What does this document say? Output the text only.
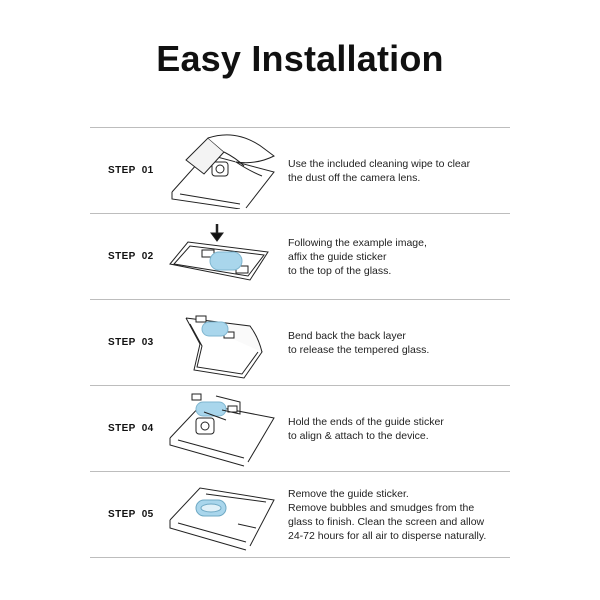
Easy Installation
STEP 01
Use the included cleaning wipe to clear
the dust off the camera lens.
STEP 02
Following the example image,
affix the guide sticker
to the top of the glass.
STEP 03
Bend back the back layer
to release the tempered glass.
STEP 04
Hold the ends of the guide sticker
to align & attach to the device.
STEP 05
Remove the guide sticker.
Remove bubbles and smudges from the
glass to finish. Clean the screen and allow
24-72 hours for all air to disperse naturally.
